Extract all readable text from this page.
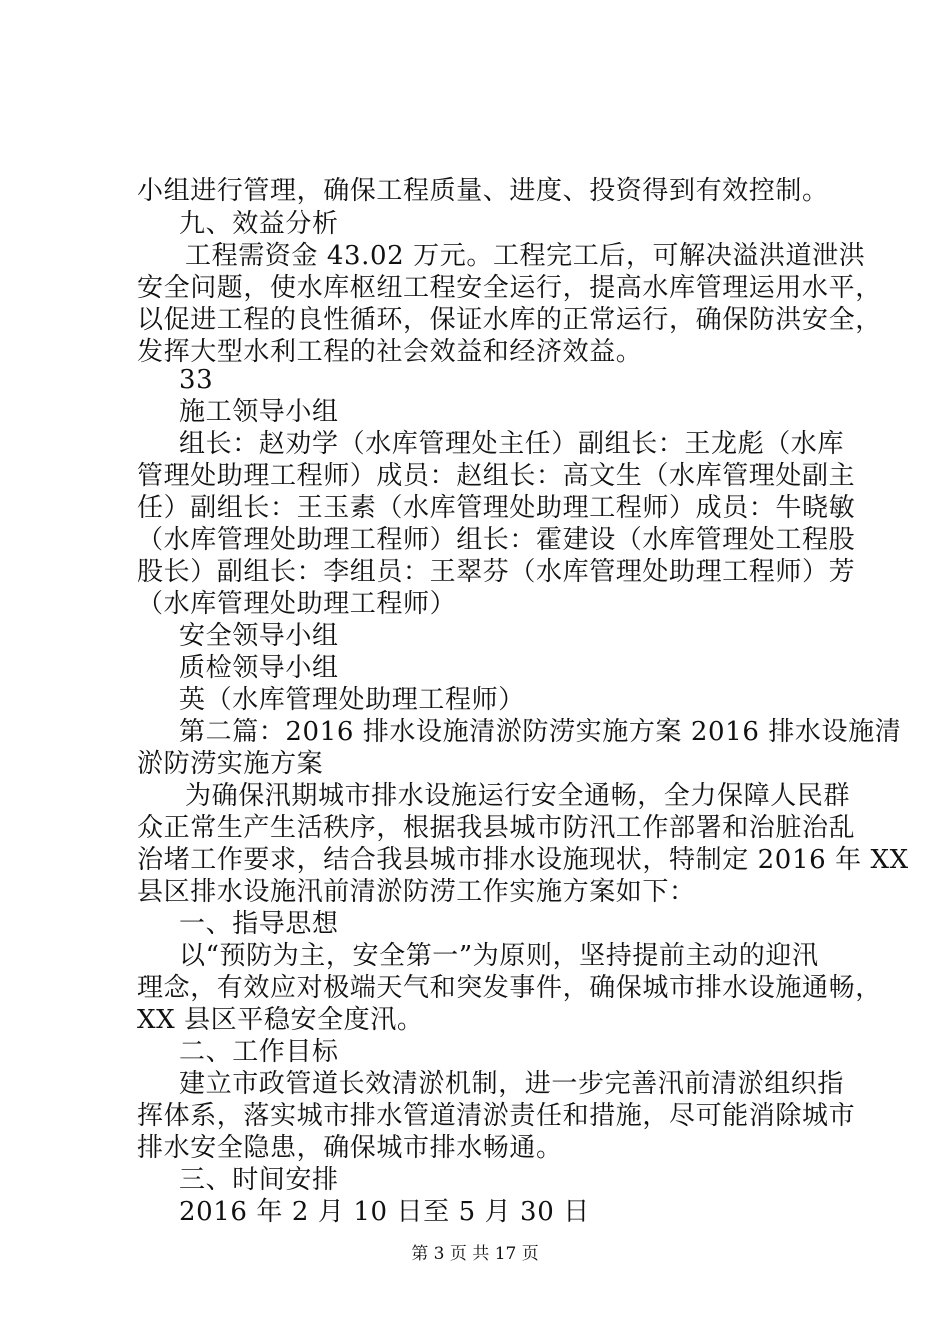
小组进行管理，确保工程质量、进度、投资得到有效控制。
九、效益分析
工程需资金 43.02 万元。工程完工后，可解决溢洪道泄洪
安全问题，使水库枢纽工程安全运行，提高水库管理运用水平，
以促进工程的良性循环，保证水库的正常运行，确保防洪安全，
发挥大型水利工程的社会效益和经济效益。
33
施工领导小组
组长：赵劝学（水库管理处主任）副组长：王龙彪（水库
管理处助理工程师）成员：赵组长：高文生（水库管理处副主
任）副组长：王玉素（水库管理处助理工程师）成员：牛晓敏
（水库管理处助理工程师）组长：霍建设（水库管理处工程股
股长）副组长：李组员：王翠芬（水库管理处助理工程师）芳
（水库管理处助理工程师）
安全领导小组
质检领导小组
英（水库管理处助理工程师）
第二篇：2016 排水设施清淤防涝实施方案 2016 排水设施清
淤防涝实施方案
为确保汛期城市排水设施运行安全通畅，全力保障人民群
众正常生产生活秩序，根据我县城市防汛工作部署和治脏治乱
治堵工作要求，结合我县城市排水设施现状，特制定 2016 年 XX
县区排水设施汛前清淤防涝工作实施方案如下：
一、指导思想
以“预防为主，安全第一”为原则，坚持提前主动的迎汛
理念，有效应对极端天气和突发事件，确保城市排水设施通畅，
XX 县区平稳安全度汛。
二、工作目标
建立市政管道长效清淤机制，进一步完善汛前清淤组织指
挥体系，落实城市排水管道清淤责任和措施，尽可能消除城市
排水安全隐患，确保城市排水畅通。
三、时间安排
2016 年 2 月 10 日至 5 月 30 日
第 3 页 共 17 页
